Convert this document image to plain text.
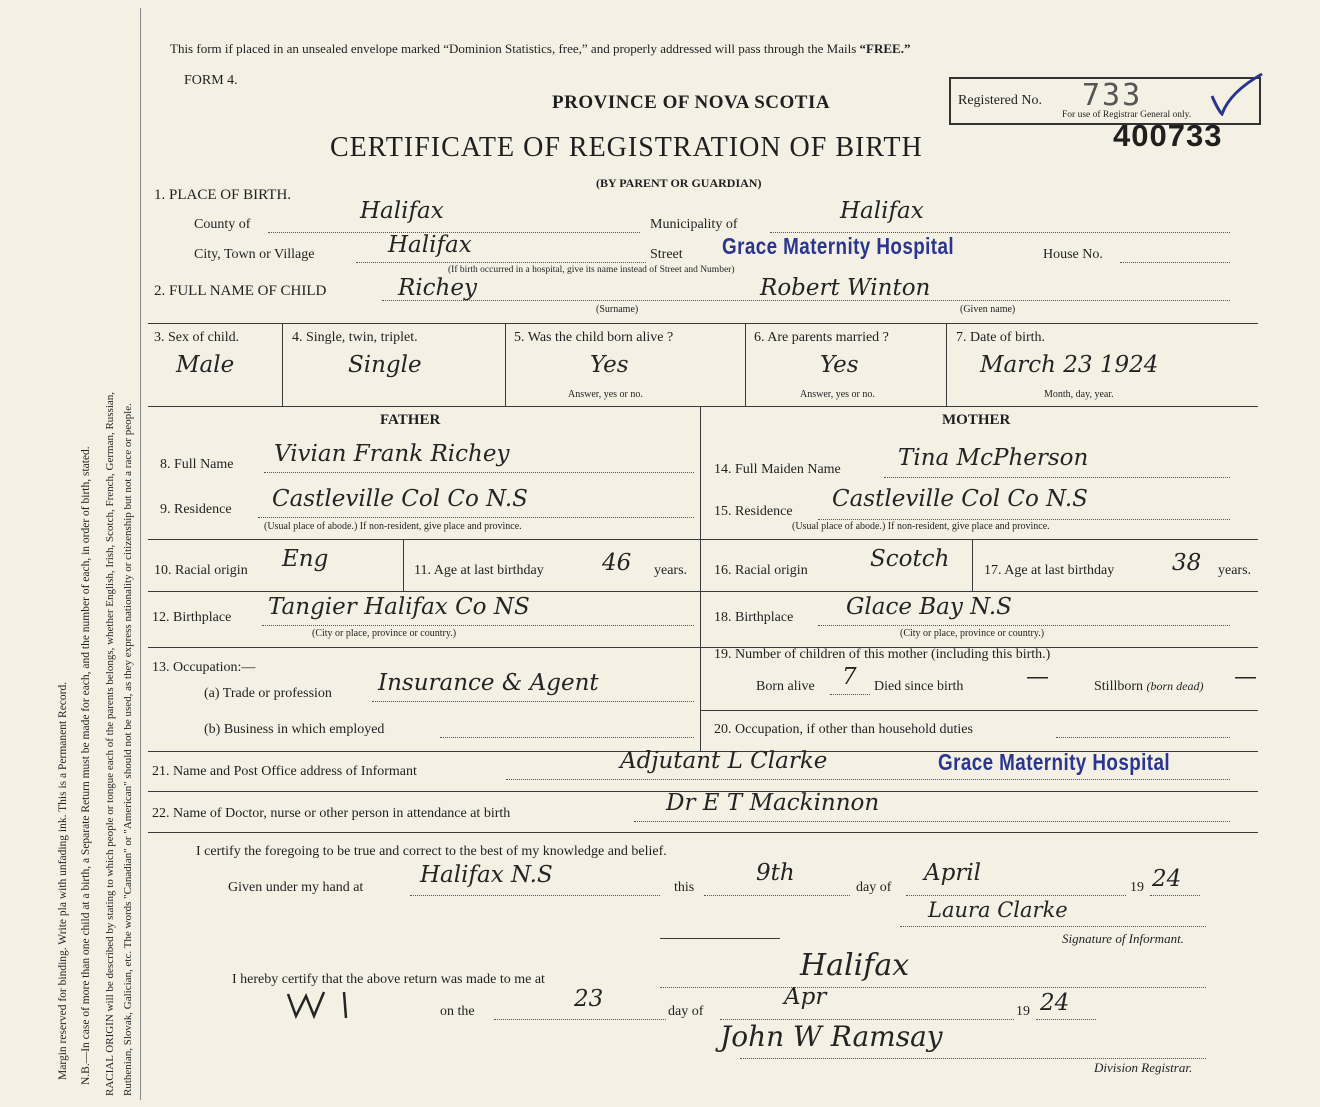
Margin reserved for binding. Write pla with unfading ink. This is a Permanent Record. N.B.—In case of more than one child at a birth, a Separate Return must be made for each, and the number of each, in order of birth, stated. RACIAL ORIGIN will be described by stating to which people or tongue each of the parents belongs, whether English, Irish, Scotch, French, German, Russian, Ruthenian, Slovak, Galician, etc. The words "Canadian" or "American" should not be used, as they express nationality or citizenship but not a race or people.
This form if placed in an unsealed envelope marked “Dominion Statistics, free,” and properly addressed will pass through the Mails “FREE.”
FORM 4.
PROVINCE OF NOVA SCOTIA
CERTIFICATE OF REGISTRATION OF BIRTH
(BY PARENT OR GUARDIAN)
Registered No. 733
For use of Registrar General only.
400733
1. PLACE OF BIRTH.
County of
Halifax
Municipality of
Halifax
City, Town or Village	Halifax	Street Grace Maternity Hospital	House No.
(If birth occurred in a hospital, give its name instead of Street and Number)
2. FULL NAME OF CHILD	Richey
(Surname)
Robert Winton
(Given name)
3. Sex of child.
Male
4. Single, twin, triplet.
Single
5. Was the child born alive ?
Yes
Answer, yes or no.
6. Are parents married ?
Yes
Answer, yes or no.
7. Date of birth.
March 23 1924
Month, day, year.
FATHER	MOTHER
8. Full Name Vivian Frank Richey
9. Residence Castleville Col Co N.S
(Usual place of abode.) If non-resident, give place and province.
10. Racial origin Eng	11. Age at last birthday	46 years.
12. Birthplace Tangier Halifax Co NS
(City or place, province or country.)
13. Occupation:—
(a) Trade or profession Insurance & Agent
(b) Business in which employed
14. Full Maiden Name Tina McPherson
15. Residence Castleville Col Co N.S
(Usual place of abode.) If non-resident, give place and province.
16. Racial origin	Scotch 17. Age at last birthday	38 years.
18. Birthplace Glace Bay N.S
(City or place, province or country.)
19. Number of children of this mother (including this birth.)
Born alive 7 Died since birth	—	Stillborn (born dead) —
20. Occupation, if other than household duties
21. Name and Post Office address of Informant	Adjutant L Clarke	Grace Maternity Hospital
22. Name of Doctor, nurse or other person in attendance at birth	Dr E T Mackinnon
I certify the foregoing to be true and correct to the best of my knowledge and belief.
Given under my hand at Halifax N.S	this
9th
day of
April
19 24
Laura Clarke
Signature of Informant.
I hereby certify that the above return was made to me at	Halifax
on the	23	day of
Apr
19 24
John W Ramsay
Division Registrar.
